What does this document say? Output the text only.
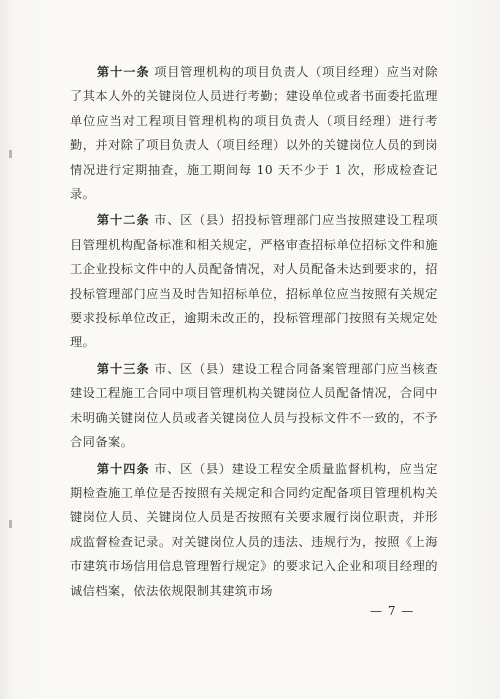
第十一条 项目管理机构的项目负责人（项目经理）应当对除了其本人外的关键岗位人员进行考勤；建设单位或者书面委托监理单位应当对工程项目管理机构的项目负责人（项目经理）进行考勤，并对除了项目负责人（项目经理）以外的关键岗位人员的到岗情况进行定期抽查，施工期间每 10 天不少于 1 次，形成检查记录。

第十二条 市、区（县）招投标管理部门应当按照建设工程项目管理机构配备标准和相关规定，严格审查招标单位招标文件和施工企业投标文件中的人员配备情况，对人员配备未达到要求的，招投标管理部门应当及时告知招标单位，招标单位应当按照有关规定要求投标单位改正，逾期未改正的，投标管理部门按照有关规定处理。

第十三条 市、区（县）建设工程合同备案管理部门应当核查建设工程施工合同中项目管理机构关键岗位人员配备情况，合同中未明确关键岗位人员或者关键岗位人员与投标文件不一致的，不予合同备案。

第十四条 市、区（县）建设工程安全质量监督机构，应当定期检查施工单位是否按照有关规定和合同约定配备项目管理机构关键岗位人员、关键岗位人员是否按照有关要求履行岗位职责，并形成监督检查记录。对关键岗位人员的违法、违规行为，按照《上海市建筑市场信用信息管理暂行规定》的要求记入企业和项目经理的诚信档案，依法依规限制其建筑市场

— 7 —
